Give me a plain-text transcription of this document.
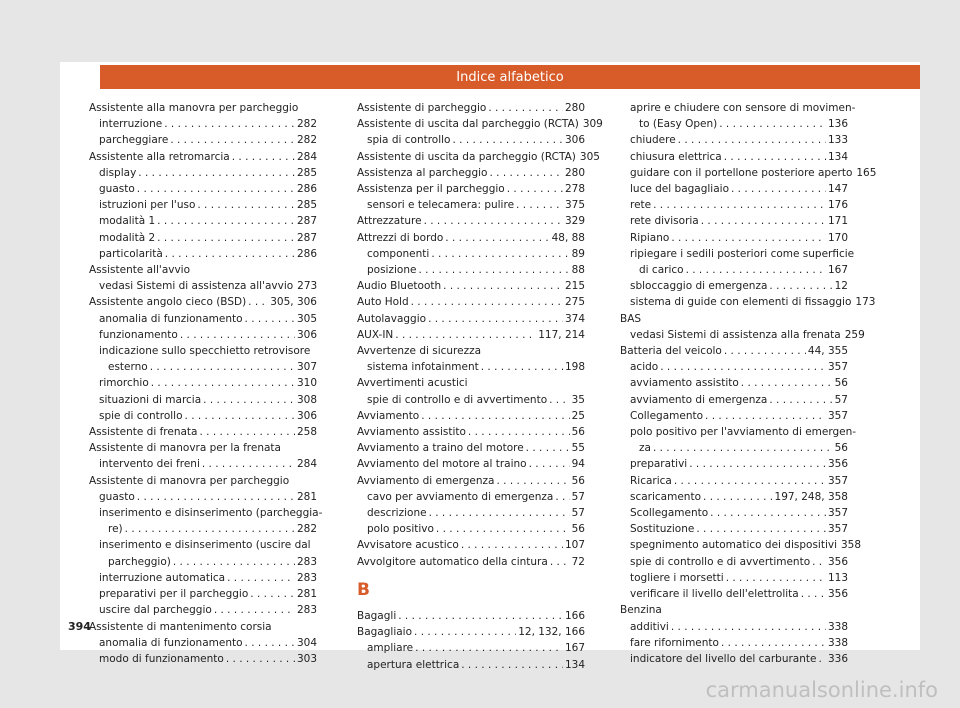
Indice alfabetico
Assistente alla manovra per parcheggio
interruzione . . .	282
parcheggiare . . .	282
Assistente alla retromarcia . . .	284
display . . .	285
guasto . . .	286
istruzioni per l'uso . . .	285
modalità 1 . . .	287
modalità 2 . . .	287
particolarità . . .	286
Assistente all'avvio
vedasi Sistemi di assistenza all'avvio 273
Assistente angolo cieco (BSD) . . . 305, 306
anomalia di funzionamento . . .	305
funzionamento . . .	306
indicazione sullo specchietto retrovisore
esterno . . .	307
rimorchio . . .	310
situazioni di marcia . . .	308
spie di controllo . . .	306
Assistente di frenata . . .	258
Assistente di manovra per la frenata
intervento dei freni . . .	284
Assistente di manovra per parcheggio
guasto . . .	281
inserimento e disinserimento (parcheggia-
re) . . .	282
inserimento e disinserimento (uscire dal
parcheggio) . . .	283
interruzione automatica . . .	283
preparativi per il parcheggio . . .	281
uscire dal parcheggio . . .	283
Assistente di mantenimento corsia
anomalia di funzionamento . . .	304
modo di funzionamento . . .	303
Assistente di parcheggio . . .	280
Assistente di uscita dal parcheggio (RCTA) 309
spia di controllo . . .	306
Assistente di uscita da parcheggio (RCTA) 305
Assistenza al parcheggio . . .	280
Assistenza per il parcheggio . . .	278
sensori e telecamera: pulire . . .	375
Attrezzature . . .	329
Attrezzi di bordo . . .	48, 88
componenti . . .	89
posizione . . .	88
Audio Bluetooth . . .	215
Auto Hold . . .	275
Autolavaggio . . .	374
AUX-IN . . .	117, 214
Avvertenze di sicurezza
sistema infotainment . . .	198
Avvertimenti acustici
spie di controllo e di avvertimento . . . 35
Avviamento . . .	25
Avviamento assistito . . .	56
Avviamento a traino del motore . . .	55
Avviamento del motore al traino . . .	94
Avviamento di emergenza . . .	56
cavo per avviamento di emergenza . . . 57
descrizione . . .	57
polo positivo . . .	56
Avvisatore acustico . . .	107
Avvolgitore automatico della cintura . . . 72
B
Bagagli . . .	166
Bagagliaio . . .	12, 132, 166
ampliare . . .	167
apertura elettrica . . .	134
aprire e chiudere con sensore di movimen-
to (Easy Open) . . .	136
chiudere . . .	133
chiusura elettrica . . .	134
guidare con il portellone posteriore aperto 165
luce del bagagliaio . . .	147
rete . . .	176
rete divisoria . . .	171
Ripiano . . .	170
ripiegare i sedili posteriori come superficie
di carico . . .	167
sbloccaggio di emergenza . . .	12
sistema di guide con elementi di fissaggio 173
BAS
vedasi Sistemi di assistenza alla frenata 259
Batteria del veicolo . . .	44, 355
acido . . .	357
avviamento assistito . . .	56
avviamento di emergenza . . .	57
Collegamento . . .	357
polo positivo per l'avviamento di emergen-
za . . .	56
preparativi . . .	356
Ricarica . . .	357
scaricamento . . .	197, 248, 358
Scollegamento . . .	357
Sostituzione . . .	357
spegnimento automatico dei dispositivi 358
spie di controllo e di avvertimento . . . 356
togliere i morsetti . . .	113
verificare il livello dell'elettrolita . . .	356
Benzina
additivi . . .	338
fare rifornimento . . .	338
indicatore del livello del carburante . . . 336
394
carmanualsonline.info
